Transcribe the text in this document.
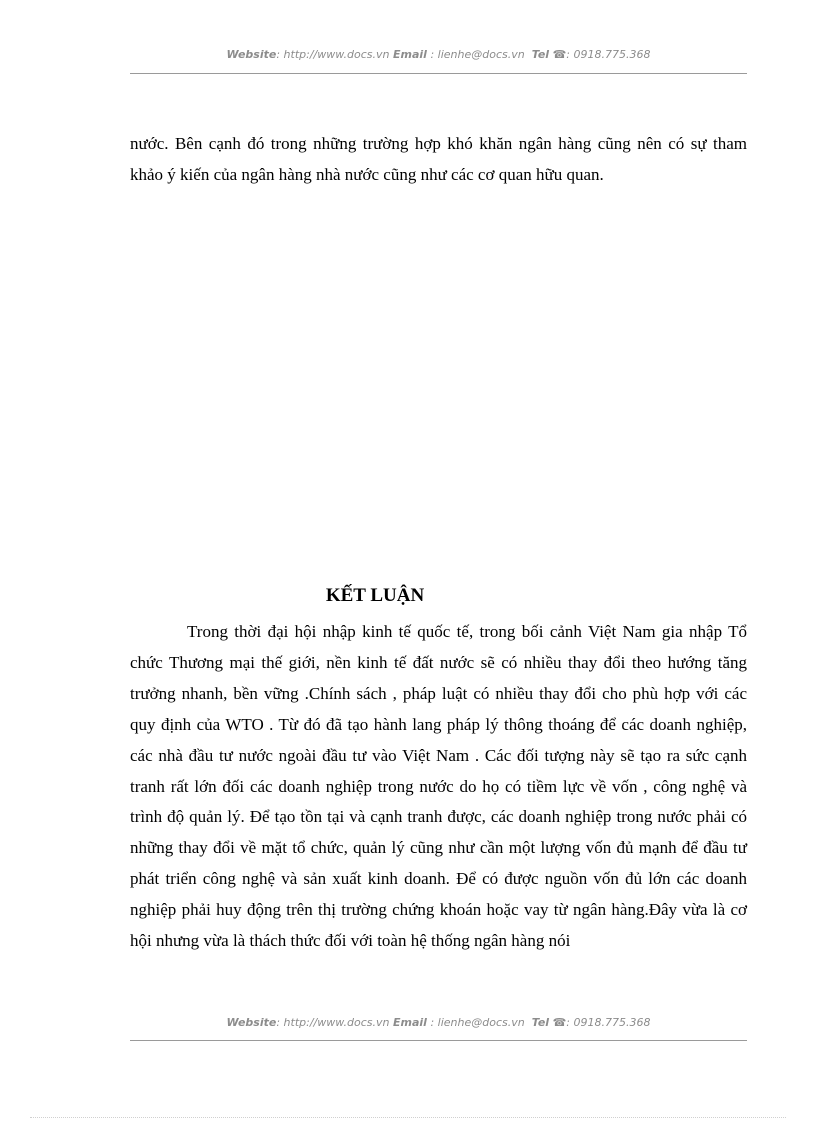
Website: http://www.docs.vn Email : lienhe@docs.vn Tel ☎: 0918.775.368
nước. Bên cạnh đó trong những trường hợp khó khăn ngân hàng cũng nên có sự tham khảo ý kiến của ngân hàng nhà nước cũng như các cơ quan hữu quan.
KẾT LUẬN
Trong thời đại hội nhập kinh tế quốc tế, trong bối cảnh Việt Nam gia nhập Tổ chức Thương mại thế giới, nền kinh tế đất nước sẽ có nhiều thay đổi theo hướng tăng trưởng nhanh, bền vững .Chính sách , pháp luật có nhiều thay đổi cho phù hợp với các quy định của WTO . Từ đó đã tạo hành lang pháp lý thông thoáng để các doanh nghiệp, các nhà đầu tư nước ngoài đầu tư vào Việt Nam . Các đối tượng này sẽ tạo ra sức cạnh tranh rất lớn đối các doanh nghiệp trong nước do họ có tiềm lực về vốn , công nghệ và trình độ quản lý. Để tạo tồn tại và cạnh tranh được, các doanh nghiệp trong nước phải có những thay đổi về mặt tổ chức, quản lý cũng như cần một lượng vốn đủ mạnh để đầu tư phát triển công nghệ và sản xuất kinh doanh. Để có được nguồn vốn đủ lớn các doanh nghiệp phải huy động trên thị trường chứng khoán hoặc vay từ ngân hàng.Đây vừa là cơ hội nhưng vừa là thách thức đối với toàn hệ thống ngân hàng nói
Website: http://www.docs.vn Email : lienhe@docs.vn Tel ☎: 0918.775.368
